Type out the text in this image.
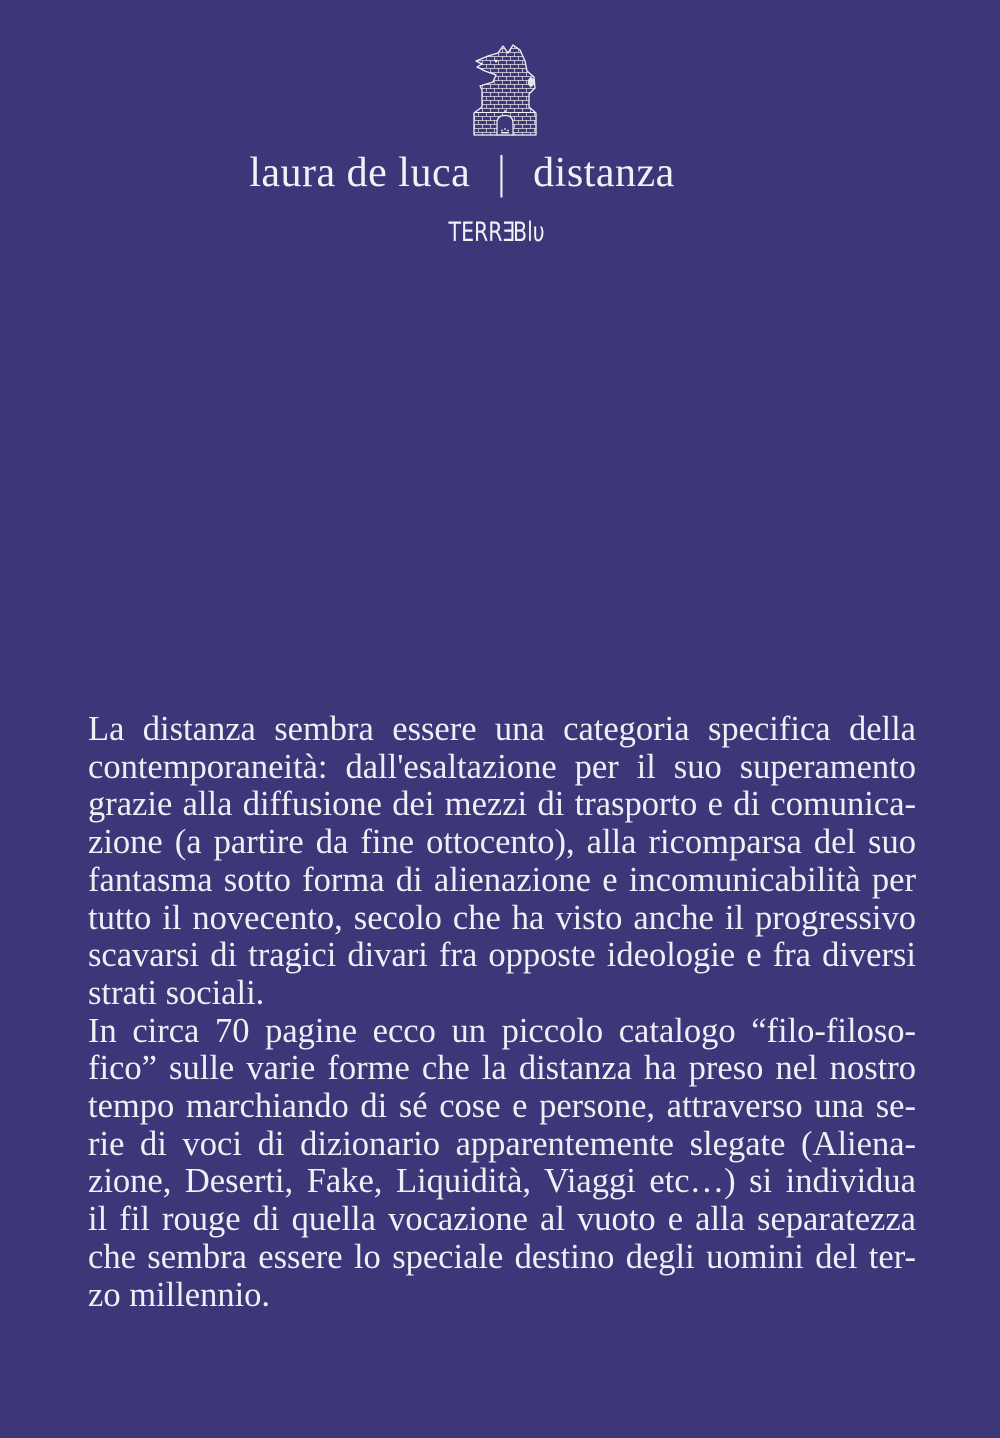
laura de luca | distanza
TERRƎBlυ
La distanza sembra essere una categoria specifica della
contemporaneità: dall'esaltazione per il suo superamento
grazie alla diffusione dei mezzi di trasporto e di comunica-
zione (a partire da fine ottocento), alla ricomparsa del suo
fantasma sotto forma di alienazione e incomunicabilità per
tutto il novecento, secolo che ha visto anche il progressivo
scavarsi di tragici divari fra opposte ideologie e fra diversi
strati sociali.
In circa 70 pagine ecco un piccolo catalogo “filo-filoso-
fico” sulle varie forme che la distanza ha preso nel nostro
tempo marchiando di sé cose e persone, attraverso una se-
rie di voci di dizionario apparentemente slegate (Aliena-
zione, Deserti, Fake, Liquidità, Viaggi etc…) si individua
il fil rouge di quella vocazione al vuoto e alla separatezza
che sembra essere lo speciale destino degli uomini del ter-
zo millennio.
